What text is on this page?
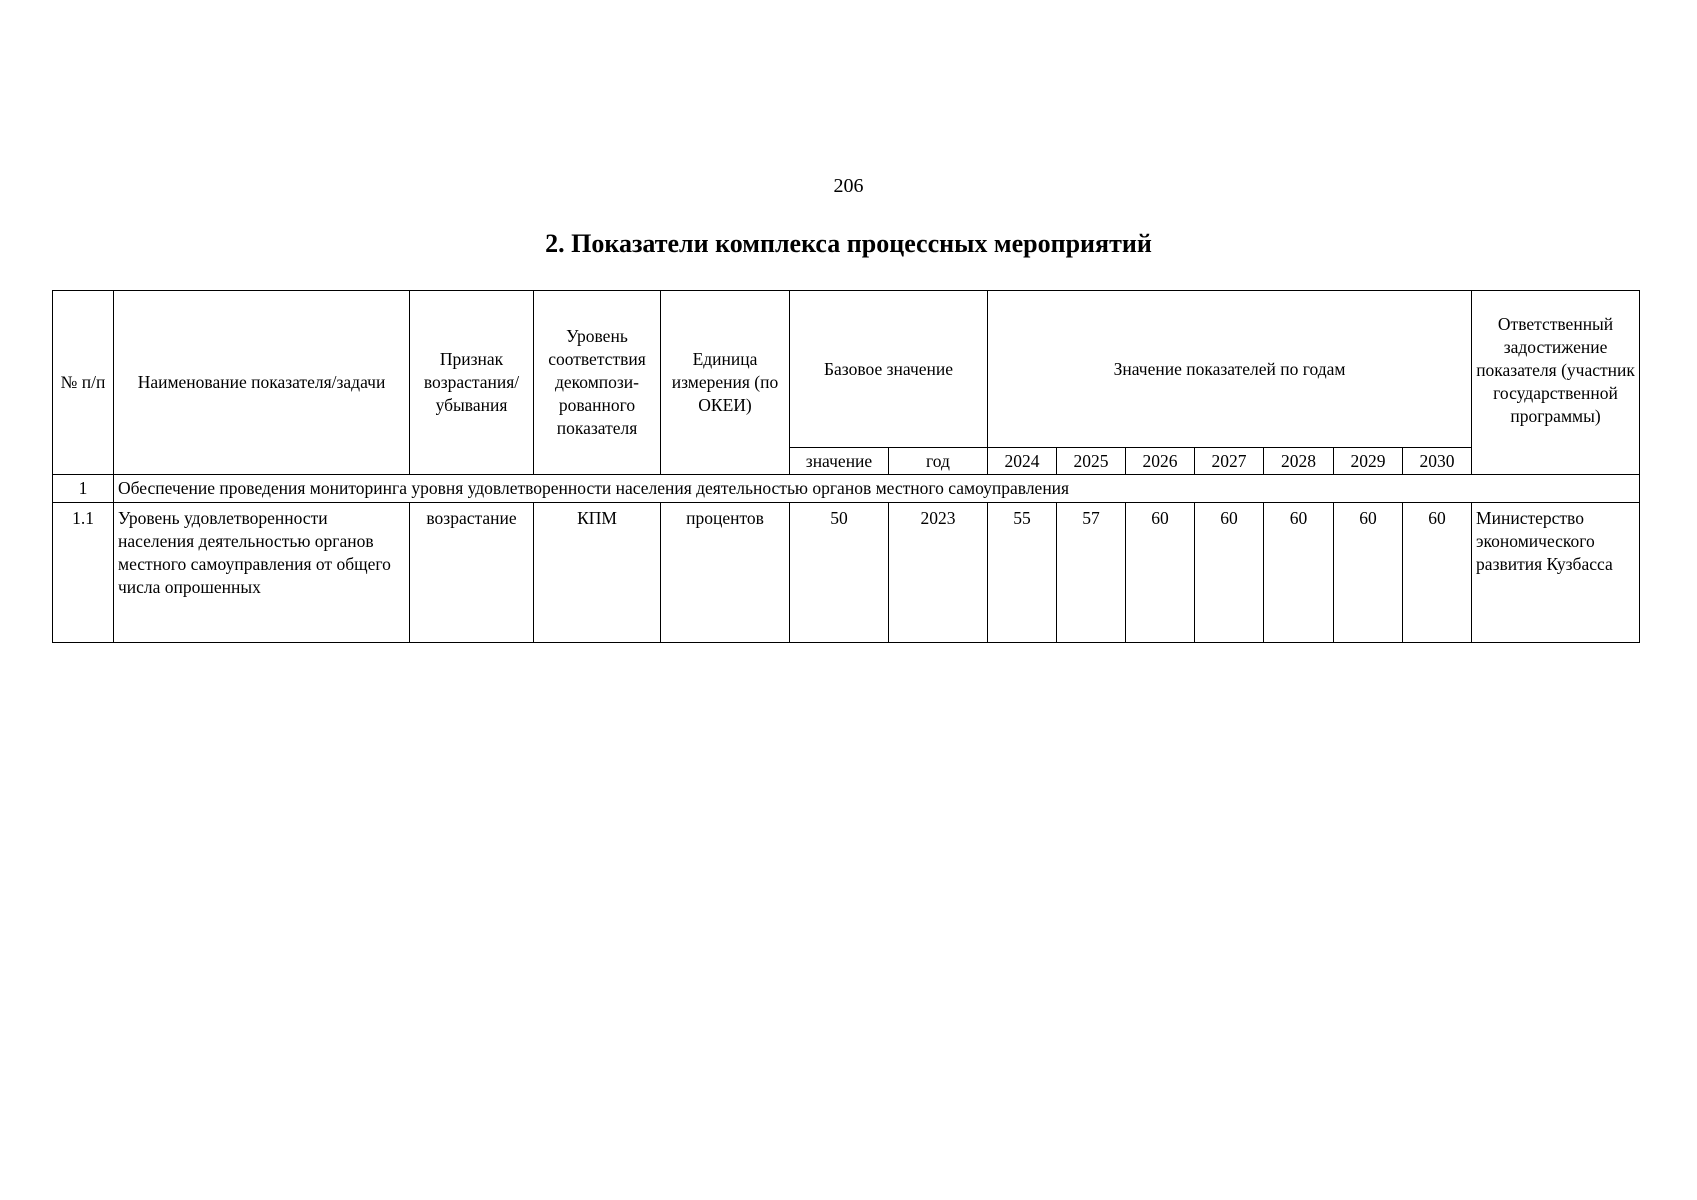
206
2. Показатели комплекса процессных мероприятий
№ п/п	Наименование показателя/задачи	Признак возрастания/ убывания	Уровень соответствия декомпози-рованного показателя	Единица измерения (по ОКЕИ)	Базовое значение		Значение показателей по годам							Ответственный задостижение показателя (участник государственной программы)
					значение	год	2024	2025	2026	2027	2028	2029	2030	
1	Обеспечение проведения мониторинга уровня удовлетворенности населения деятельностью органов местного самоуправления													
1.1	Уровень удовлетворенности населения деятельностью органов местного самоуправления от общего числа опрошенных	возрастание	КПМ	процентов	50	2023	55	57	60	60	60	60	60	Министерство экономического развития Кузбасса
